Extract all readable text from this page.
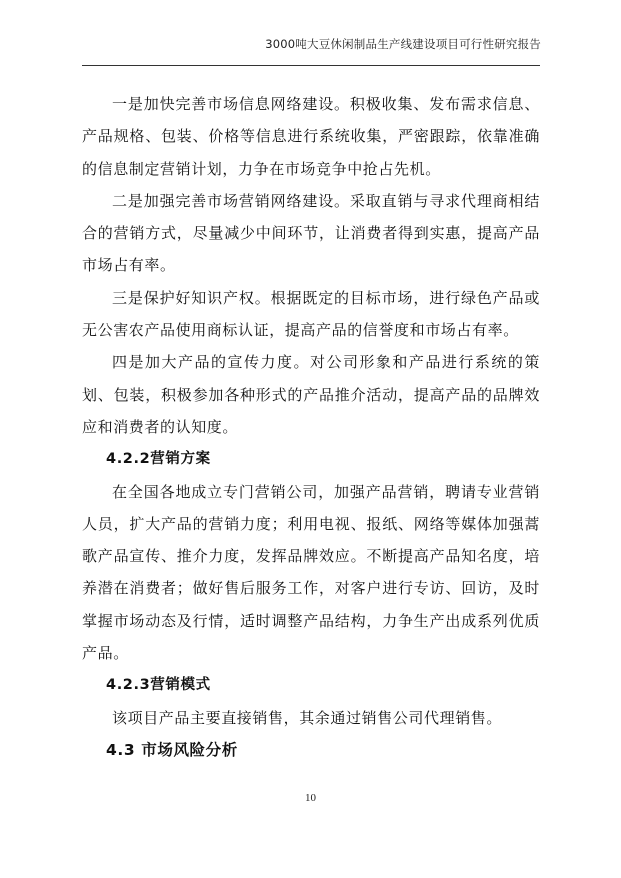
3000吨大豆休闲制品生产线建设项目可行性研究报告

一是加快完善市场信息网络建设。积极收集、发布需求信息、产品规格、包装、价格等信息进行系统收集，严密跟踪，依靠准确的信息制定营销计划，力争在市场竞争中抢占先机。

二是加强完善市场营销网络建设。采取直销与寻求代理商相结合的营销方式，尽量减少中间环节，让消费者得到实惠，提高产品市场占有率。

三是保护好知识产权。根据既定的目标市场，进行绿色产品或无公害农产品使用商标认证，提高产品的信誉度和市场占有率。

四是加大产品的宣传力度。对公司形象和产品进行系统的策划、包装，积极参加各种形式的产品推介活动，提高产品的品牌效应和消费者的认知度。

4.2.2营销方案

在全国各地成立专门营销公司，加强产品营销，聘请专业营销人员，扩大产品的营销力度；利用电视、报纸、网络等媒体加强蒿歌产品宣传、推介力度，发挥品牌效应。不断提高产品知名度，培养潜在消费者；做好售后服务工作，对客户进行专访、回访，及时掌握市场动态及行情，适时调整产品结构，力争生产出成系列优质产品。

4.2.3营销模式

该项目产品主要直接销售，其余通过销售公司代理销售。

4.3 市场风险分析

10
